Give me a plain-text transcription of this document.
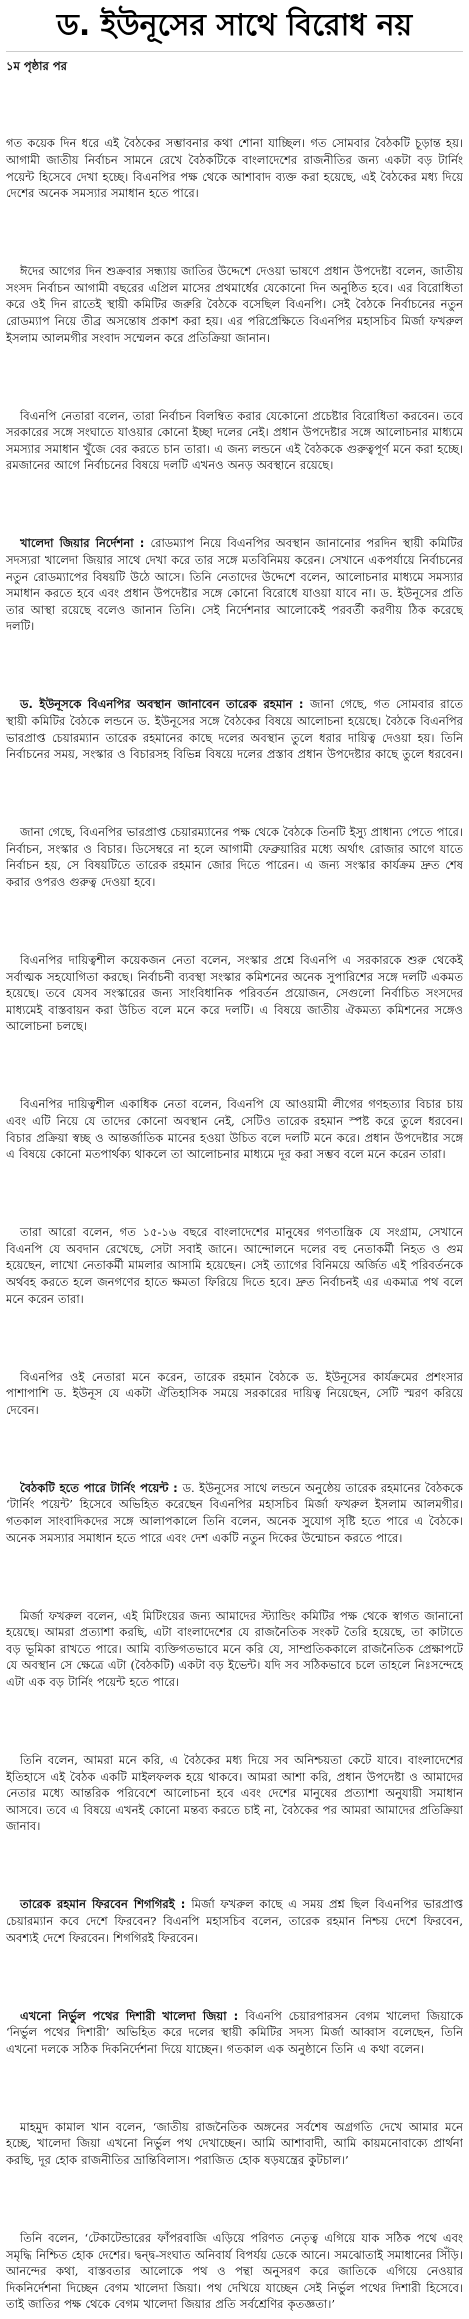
ড. ইউনূসের সাথে বিরোধ নয়
১ম পৃষ্ঠার পর

গত কয়েক দিন ধরে এই বৈঠকের সম্ভাবনার কথা শোনা যাচ্ছিল। গত সোমবার বৈঠকটি চূড়ান্ত হয়। আগামী জাতীয় নির্বাচন সামনে রেখে বৈঠকটিকে বাংলাদেশের রাজনীতির জন্য একটা বড় টার্নিং পয়েন্ট হিসেবে দেখা হচ্ছে। বিএনপির পক্ষ থেকে আশাবাদ ব্যক্ত করা হয়েছে, এই বৈঠকের মধ্য দিয়ে দেশের অনেক সমস্যার সমাধান হতে পারে।

ঈদের আগের দিন শুক্রবার সন্ধ্যায় জাতির উদ্দেশে দেওয়া ভাষণে প্রধান উপদেষ্টা বলেন, জাতীয় সংসদ নির্বাচন আগামী বছরের এপ্রিল মাসের প্রথমার্ধের যেকোনো দিন অনুষ্ঠিত হবে। এর বিরোধিতা করে ওই দিন রাতেই স্থায়ী কমিটির জরুরি বৈঠকে বসেছিল বিএনপি। সেই বৈঠকে নির্বাচনের নতুন রোডম্যাপ নিয়ে তীব্র অসন্তোষ প্রকাশ করা হয়। এর পরিপ্রেক্ষিতে বিএনপির মহাসচিব মির্জা ফখরুল ইসলাম আলমগীর সংবাদ সম্মেলন করে প্রতিক্রিয়া জানান।

বিএনপি নেতারা বলেন, তারা নির্বাচন বিলম্বিত করার যেকোনো প্রচেষ্টার বিরোধিতা করবেন। তবে সরকারের সঙ্গে সংঘাতে যাওয়ার কোনো ইচ্ছা দলের নেই। প্রধান উপদেষ্টার সঙ্গে আলোচনার মাধ্যমে সমস্যার সমাধান খুঁজে বের করতে চান তারা। এ জন্য লন্ডনে এই বৈঠককে গুরুত্বপূর্ণ মনে করা হচ্ছে। রমজানের আগে নির্বাচনের বিষয়ে দলটি এখনও অনড় অবস্থানে রয়েছে।

খালেদা জিয়ার নির্দেশনা : রোডম্যাপ নিয়ে বিএনপির অবস্থান জানানোর পরদিন স্থায়ী কমিটির সদস্যরা খালেদা জিয়ার সাথে দেখা করে তার সঙ্গে মতবিনিময় করেন। সেখানে একপর্যায়ে নির্বাচনের নতুন রোডম্যাপের বিষয়টি উঠে আসে। তিনি নেতাদের উদ্দেশে বলেন, আলোচনার মাধ্যমে সমস্যার সমাধান করতে হবে এবং প্রধান উপদেষ্টার সঙ্গে কোনো বিরোধে যাওয়া যাবে না। ড. ইউনূসের প্রতি তার আস্থা রয়েছে বলেও জানান তিনি। সেই নির্দেশনার আলোকেই পরবর্তী করণীয় ঠিক করেছে দলটি।

ড. ইউনূসকে বিএনপির অবস্থান জানাবেন তারেক রহমান : জানা গেছে, গত সোমবার রাতে স্থায়ী কমিটির বৈঠকে লন্ডনে ড. ইউনূসের সঙ্গে বৈঠকের বিষয়ে আলোচনা হয়েছে। বৈঠকে বিএনপির ভারপ্রাপ্ত চেয়ারম্যান তারেক রহমানের কাছে দলের অবস্থান তুলে ধরার দায়িত্ব দেওয়া হয়। তিনি নির্বাচনের সময়, সংস্কার ও বিচারসহ বিভিন্ন বিষয়ে দলের প্রস্তাব প্রধান উপদেষ্টার কাছে তুলে ধরবেন।

জানা গেছে, বিএনপির ভারপ্রাপ্ত চেয়ারম্যানের পক্ষ থেকে বৈঠকে তিনটি ইস্যু প্রাধান্য পেতে পারে। নির্বাচন, সংস্কার ও বিচার। ডিসেম্বরে না হলে আগামী ফেব্রুয়ারির মধ্যে অর্থাৎ রোজার আগে যাতে নির্বাচন হয়, সে বিষয়টিতে তারেক রহমান জোর দিতে পারেন। এ জন্য সংস্কার কার্যক্রম দ্রুত শেষ করার ওপরও গুরুত্ব দেওয়া হবে।

বিএনপির দায়িত্বশীল কয়েকজন নেতা বলেন, সংস্কার প্রশ্নে বিএনপি এ সরকারকে শুরু থেকেই সর্বাত্মক সহযোগিতা করছে। নির্বাচনী ব্যবস্থা সংস্কার কমিশনের অনেক সুপারিশের সঙ্গে দলটি একমত হয়েছে। তবে যেসব সংস্কারের জন্য সাংবিধানিক পরিবর্তন প্রয়োজন, সেগুলো নির্বাচিত সংসদের মাধ্যমেই বাস্তবায়ন করা উচিত বলে মনে করে দলটি। এ বিষয়ে জাতীয় ঐকমত্য কমিশনের সঙ্গেও আলোচনা চলছে।

বিএনপির দায়িত্বশীল একাধিক নেতা বলেন, বিএনপি যে আওয়ামী লীগের গণহত্যার বিচার চায় এবং এটি নিয়ে যে তাদের কোনো অবস্থান নেই, সেটিও তারেক রহমান স্পষ্ট করে তুলে ধরবেন। বিচার প্রক্রিয়া স্বচ্ছ ও আন্তর্জাতিক মানের হওয়া উচিত বলে দলটি মনে করে। প্রধান উপদেষ্টার সঙ্গে এ বিষয়ে কোনো মতপার্থক্য থাকলে তা আলোচনার মাধ্যমে দূর করা সম্ভব বলে মনে করেন তারা।

তারা আরো বলেন, গত ১৫-১৬ বছরে বাংলাদেশের মানুষের গণতান্ত্রিক যে সংগ্রাম, সেখানে বিএনপি যে অবদান রেখেছে, সেটা সবাই জানে। আন্দোলনে দলের বহু নেতাকর্মী নিহত ও গুম হয়েছেন, লাখো নেতাকর্মী মামলার আসামি হয়েছেন। সেই ত্যাগের বিনিময়ে অর্জিত এই পরিবর্তনকে অর্থবহ করতে হলে জনগণের হাতে ক্ষমতা ফিরিয়ে দিতে হবে। দ্রুত নির্বাচনই এর একমাত্র পথ বলে মনে করেন তারা।

বিএনপির ওই নেতারা মনে করেন, তারেক রহমান বৈঠকে ড. ইউনূসের কার্যক্রমের প্রশংসার পাশাপাশি ড. ইউনূস যে একটা ঐতিহাসিক সময়ে সরকারের দায়িত্ব নিয়েছেন, সেটি স্মরণ করিয়ে দেবেন।

বৈঠকটি হতে পারে টার্নিং পয়েন্ট : ড. ইউনূসের সাথে লন্ডনে অনুষ্ঠেয় তারেক রহমানের বৈঠককে ‘টার্নিং পয়েন্ট’ হিসেবে অভিহিত করেছেন বিএনপির মহাসচিব মির্জা ফখরুল ইসলাম আলমগীর। গতকাল সাংবাদিকদের সঙ্গে আলাপকালে তিনি বলেন, অনেক সুযোগ সৃষ্টি হতে পারে এ বৈঠকে। অনেক সমস্যার সমাধান হতে পারে এবং দেশ একটি নতুন দিকের উন্মোচন করতে পারে।

মির্জা ফখরুল বলেন, এই মিটিংয়ের জন্য আমাদের স্ট্যান্ডিং কমিটির পক্ষ থেকে স্বাগত জানানো হয়েছে। আমরা প্রত্যাশা করছি, এটা বাংলাদেশের যে রাজনৈতিক সংকট তৈরি হয়েছে, তা কাটাতে বড় ভূমিকা রাখতে পারে। আমি ব্যক্তিগতভাবে মনে করি যে, সাম্প্রতিককালে রাজনৈতিক প্রেক্ষাপটে যে অবস্থান সে ক্ষেত্রে এটা (বৈঠকটি) একটা বড় ইভেন্ট। যদি সব সঠিকভাবে চলে তাহলে নিঃসন্দেহে এটা এক বড় টার্নিং পয়েন্ট হতে পারে।

তিনি বলেন, আমরা মনে করি, এ বৈঠকের মধ্য দিয়ে সব অনিশ্চয়তা কেটে যাবে। বাংলাদেশের ইতিহাসে এই বৈঠক একটি মাইলফলক হয়ে থাকবে। আমরা আশা করি, প্রধান উপদেষ্টা ও আমাদের নেতার মধ্যে আন্তরিক পরিবেশে আলোচনা হবে এবং দেশের মানুষের প্রত্যাশা অনুযায়ী সমাধান আসবে। তবে এ বিষয়ে এখনই কোনো মন্তব্য করতে চাই না, বৈঠকের পর আমরা আমাদের প্রতিক্রিয়া জানাব।

তারেক রহমান ফিরবেন শিগগিরই : মির্জা ফখরুল কাছে এ সময় প্রশ্ন ছিল বিএনপির ভারপ্রাপ্ত চেয়ারম্যান কবে দেশে ফিরবেন? বিএনপি মহাসচিব বলেন, তারেক রহমান নিশ্চয় দেশে ফিরবেন, অবশ্যই দেশে ফিরবেন। শিগগিরই ফিরবেন।

এখনো নির্ভুল পথের দিশারী খালেদা জিয়া : বিএনপি চেয়ারপারসন বেগম খালেদা জিয়াকে ‘নির্ভুল পথের দিশারী’ অভিহিত করে দলের স্থায়ী কমিটির সদস্য মির্জা আব্বাস বলেছেন, তিনি এখনো দলকে সঠিক দিকনির্দেশনা দিয়ে যাচ্ছেন। গতকাল এক অনুষ্ঠানে তিনি এ কথা বলেন।

মাহমুদ কামাল খান বলেন, ‘জাতীয় রাজনৈতিক অঙ্গনের সর্বশেষ অগ্রগতি দেখে আমার মনে হচ্ছে, খালেদা জিয়া এখনো নির্ভুল পথ দেখাচ্ছেন। আমি আশাবাদী, আমি কায়মনোবাক্যে প্রার্থনা করছি, দূর হোক রাজনীতির ভ্রান্তিবিলাস। পরাজিত হোক ষড়যন্ত্রের কুটচাল।’

তিনি বলেন, ‘টেকাটেন্ডারের ফাঁপরবাজি এড়িয়ে পরিণত নেতৃত্ব এগিয়ে যাক সঠিক পথে এবং সমৃদ্ধি নিশ্চিত হোক দেশের। দ্বন্দ্ব-সংঘাত অনিবার্য বিপর্যয় ডেকে আনে। সমঝোতাই সমাধানের সিঁড়ি। আনন্দের কথা, বাস্তবতার আলোকে পথ ও পন্থা অনুসরণ করে জাতিকে এগিয়ে নেওয়ার দিকনির্দেশনা দিচ্ছেন বেগম খালেদা জিয়া। পথ দেখিয়ে যাচ্ছেন সেই নির্ভুল পথের দিশারী হিসেবে। তাই জাতির পক্ষ থেকে বেগম খালেদা জিয়ার প্রতি সর্বশ্রেণির কৃতজ্ঞতা।’
